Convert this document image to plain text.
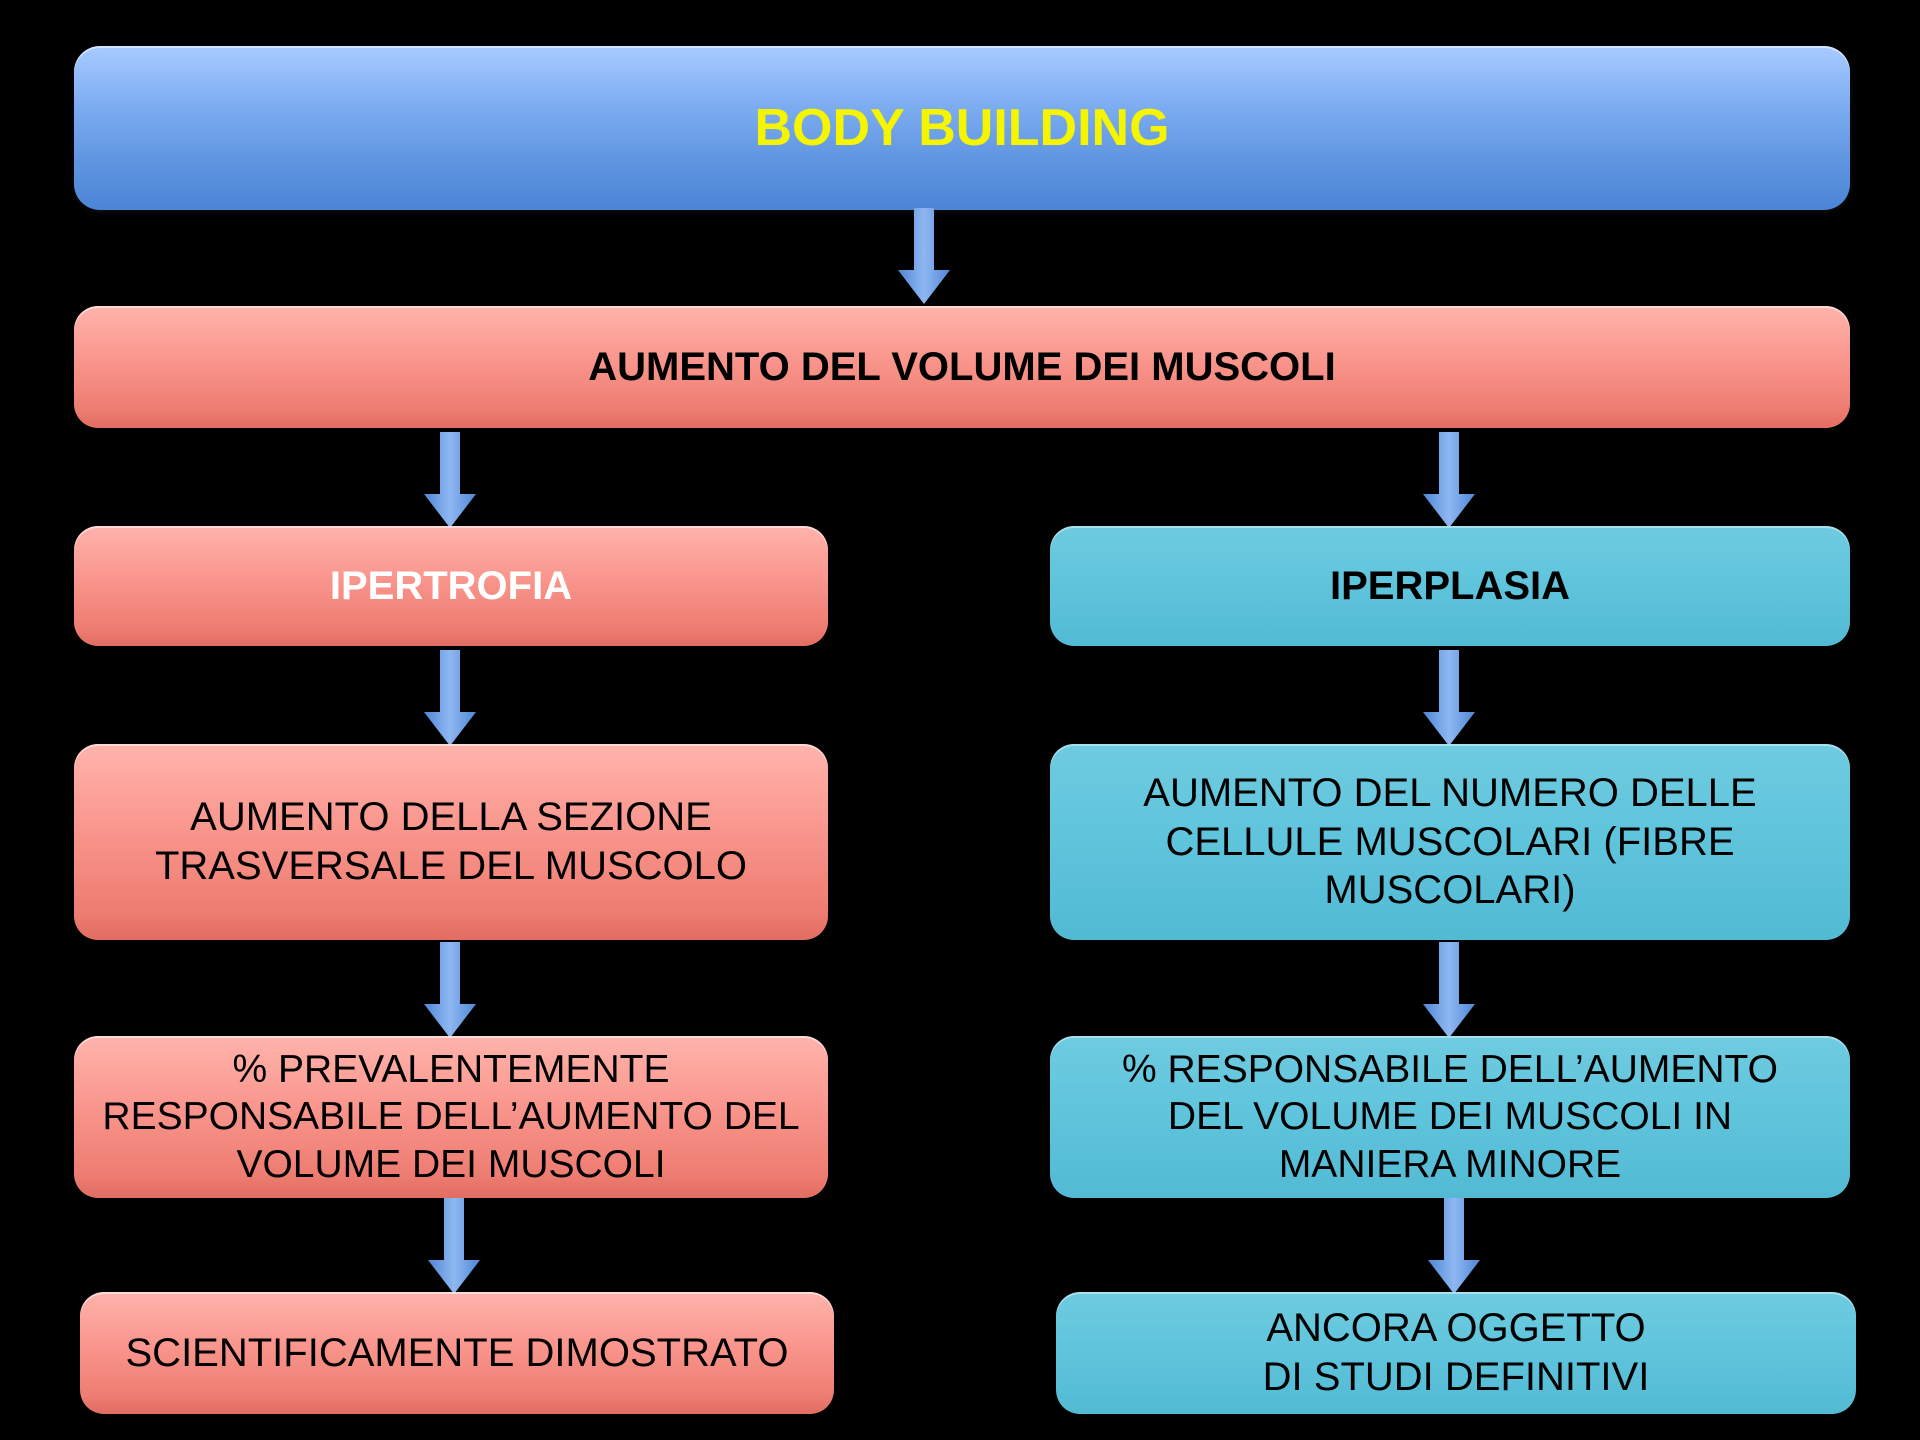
BODY BUILDING
AUMENTO DEL VOLUME DEI MUSCOLI
IPERTROFIA
AUMENTO DELLA SEZIONE
TRASVERSALE DEL MUSCOLO
% PREVALENTEMENTE
RESPONSABILE DELL’AUMENTO DEL
VOLUME DEI MUSCOLI
SCIENTIFICAMENTE DIMOSTRATO
IPERPLASIA
AUMENTO DEL NUMERO DELLE
CELLULE MUSCOLARI (FIBRE
MUSCOLARI)
% RESPONSABILE DELL’AUMENTO
DEL VOLUME DEI MUSCOLI IN
MANIERA MINORE
ANCORA OGGETTO
DI STUDI DEFINITIVI
